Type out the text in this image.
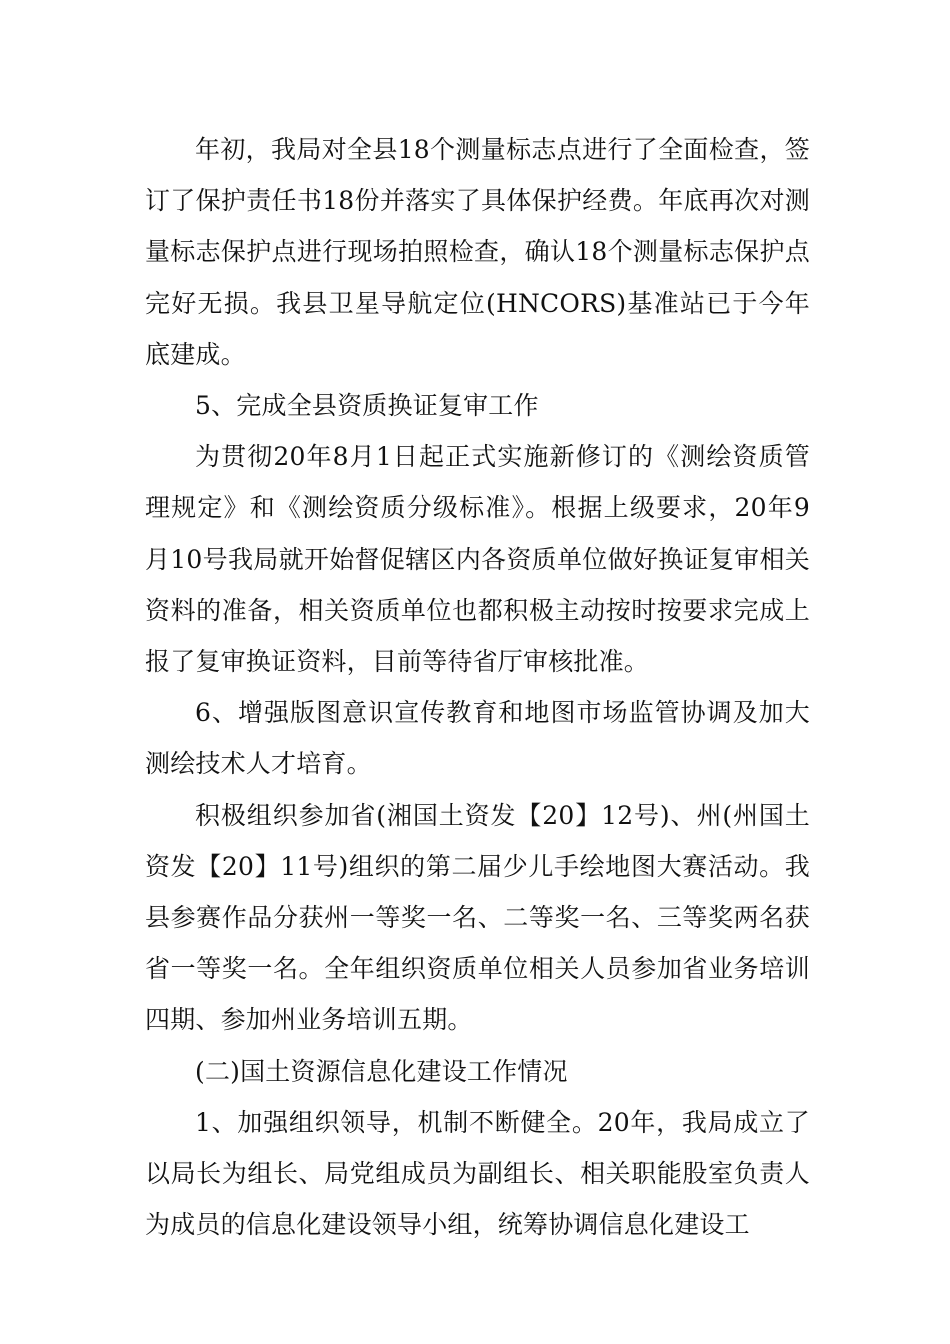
年初，我局对全县18个测量标志点进行了全面检查，签订了保护责任书18份并落实了具体保护经费。年底再次对测量标志保护点进行现场拍照检查，确认18个测量标志保护点完好无损。我县卫星导航定位(HNCORS)基准站已于今年底建成。

5、完成全县资质换证复审工作

为贯彻20年8月1日起正式实施新修订的《测绘资质管理规定》和《测绘资质分级标准》。根据上级要求，20年9月10号我局就开始督促辖区内各资质单位做好换证复审相关资料的准备，相关资质单位也都积极主动按时按要求完成上报了复审换证资料，目前等待省厅审核批准。

6、增强版图意识宣传教育和地图市场监管协调及加大测绘技术人才培育。

积极组织参加省(湘国土资发【20】12号)、州(州国土资发【20】11号)组织的第二届少儿手绘地图大赛活动。我县参赛作品分获州一等奖一名、二等奖一名、三等奖两名获省一等奖一名。全年组织资质单位相关人员参加省业务培训四期、参加州业务培训五期。

(二)国土资源信息化建设工作情况

1、加强组织领导，机制不断健全。20年，我局成立了以局长为组长、局党组成员为副组长、相关职能股室负责人为成员的信息化建设领导小组，统筹协调信息化建设工
